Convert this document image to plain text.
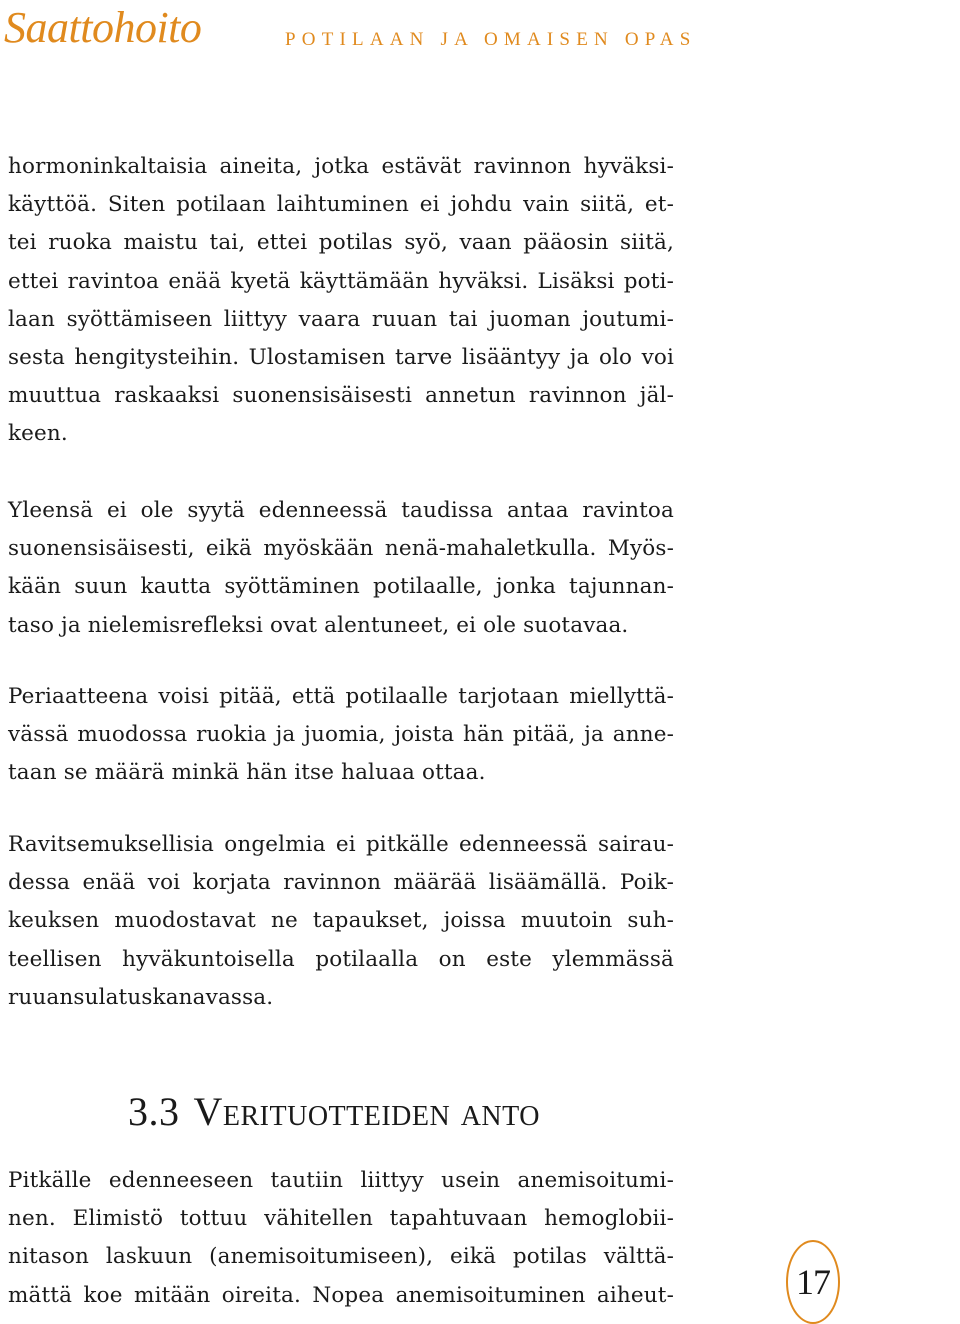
Saattohoito	POTILAAN JA OMAISEN OPAS
hormoninkaltaisia aineita, jotka estävät ravinnon hyväksi-
käyttöä. Siten potilaan laihtuminen ei johdu vain siitä, et-
tei ruoka maistu tai, ettei potilas syö, vaan pääosin siitä,
ettei ravintoa enää kyetä käyttämään hyväksi. Lisäksi poti-
laan syöttämiseen liittyy vaara ruuan tai juoman joutumi-
sesta hengitysteihin. Ulostamisen tarve lisääntyy ja olo voi
muuttua raskaaksi suonensisäisesti annetun ravinnon jäl-
keen.
Yleensä ei ole syytä edenneessä taudissa antaa ravintoa
suonensisäisesti, eikä myöskään nenä-mahaletkulla. Myös-
kään suun kautta syöttäminen potilaalle, jonka tajunnan-
taso ja nielemisrefleksi ovat alentuneet, ei ole suotavaa.
Periaatteena voisi pitää, että potilaalle tarjotaan miellyttä-
vässä muodossa ruokia ja juomia, joista hän pitää, ja anne-
taan se määrä minkä hän itse haluaa ottaa.
Ravitsemuksellisia ongelmia ei pitkälle edenneessä sairau-
dessa enää voi korjata ravinnon määrää lisäämällä. Poik-
keuksen muodostavat ne tapaukset, joissa muutoin suh-
teellisen hyväkuntoisella potilaalla on este ylemmässä
ruuansulatuskanavassa.
Pitkälle edenneeseen tautiin liittyy usein anemisoitumi-
nen. Elimistö tottuu vähitellen tapahtuvaan hemoglobii-
nitason laskuun (anemisoitumiseen), eikä potilas välttä-
mättä koe mitään oireita. Nopea anemisoituminen aiheut-
3.3 Verituotteiden anto
17
